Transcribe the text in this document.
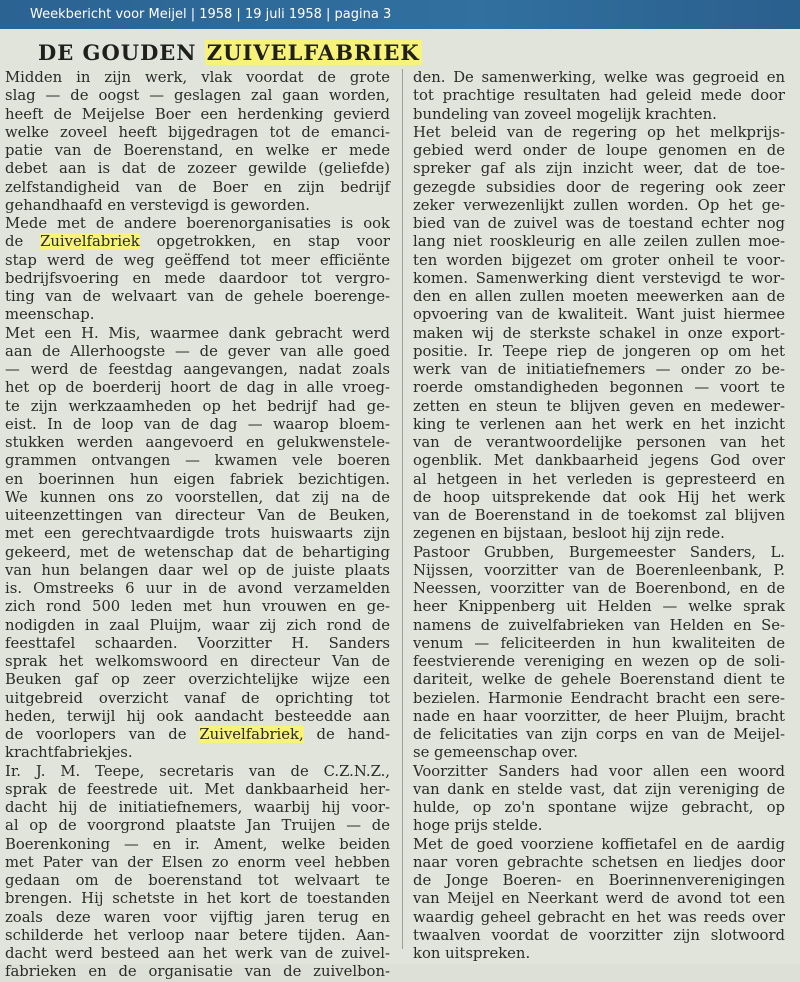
Weekbericht voor Meijel | 1958 | 19 juli 1958 | pagina 3
DE GOUDEN ZUIVELFABRIEK
Midden in zijn werk, vlak voordat de grote
slag — de oogst — geslagen zal gaan worden,
heeft de Meijelse Boer een herdenking gevierd
welke zoveel heeft bijgedragen tot de emanci-
patie van de Boerenstand, en welke er mede
debet aan is dat de zozeer gewilde (geliefde)
zelfstandigheid van de Boer en zijn bedrijf
gehandhaafd en verstevigd is geworden.
Mede met de andere boerenorganisaties is ook
de Zuivelfabriek opgetrokken, en stap voor
stap werd de weg geëffend tot meer efficiënte
bedrijfsvoering en mede daardoor tot vergro-
ting van de welvaart van de gehele boerenge-
meenschap.
Met een H. Mis, waarmee dank gebracht werd
aan de Allerhoogste — de gever van alle goed
— werd de feestdag aangevangen, nadat zoals
het op de boerderij hoort de dag in alle vroeg-
te zijn werkzaamheden op het bedrijf had ge-
eist. In de loop van de dag — waarop bloem-
stukken werden aangevoerd en gelukwenstele-
grammen ontvangen — kwamen vele boeren
en boerinnen hun eigen fabriek bezichtigen.
We kunnen ons zo voorstellen, dat zij na de
uiteenzettingen van directeur Van de Beuken,
met een gerechtvaardigde trots huiswaarts zijn
gekeerd, met de wetenschap dat de behartiging
van hun belangen daar wel op de juiste plaats
is. Omstreeks 6 uur in de avond verzamelden
zich rond 500 leden met hun vrouwen en ge-
nodigden in zaal Pluijm, waar zij zich rond de
feesttafel schaarden. Voorzitter H. Sanders
sprak het welkomswoord en directeur Van de
Beuken gaf op zeer overzichtelijke wijze een
uitgebreid overzicht vanaf de oprichting tot
heden, terwijl hij ook aandacht besteedde aan
de voorlopers van de Zuivelfabriek, de hand-
krachtfabriekjes.
Ir. J. M. Teepe, secretaris van de C.Z.N.Z.,
sprak de feestrede uit. Met dankbaarheid her-
dacht hij de initiatiefnemers, waarbij hij voor-
al op de voorgrond plaatste Jan Truijen — de
Boerenkoning — en ir. Ament, welke beiden
met Pater van der Elsen zo enorm veel hebben
gedaan om de boerenstand tot welvaart te
brengen. Hij schetste in het kort de toestanden
zoals deze waren voor vijftig jaren terug en
schilderde het verloop naar betere tijden. Aan-
dacht werd besteed aan het werk van de zuivel-
fabrieken en de organisatie van de zuivelbon-
den. De samenwerking, welke was gegroeid en
tot prachtige resultaten had geleid mede door
bundeling van zoveel mogelijk krachten.
Het beleid van de regering op het melkprijs-
gebied werd onder de loupe genomen en de
spreker gaf als zijn inzicht weer, dat de toe-
gezegde subsidies door de regering ook zeer
zeker verwezenlijkt zullen worden. Op het ge-
bied van de zuivel was de toestand echter nog
lang niet rooskleurig en alle zeilen zullen moe-
ten worden bijgezet om groter onheil te voor-
komen. Samenwerking dient verstevigd te wor-
den en allen zullen moeten meewerken aan de
opvoering van de kwaliteit. Want juist hiermee
maken wij de sterkste schakel in onze export-
positie. Ir. Teepe riep de jongeren op om het
werk van de initiatiefnemers — onder zo be-
roerde omstandigheden begonnen — voort te
zetten en steun te blijven geven en medewer-
king te verlenen aan het werk en het inzicht
van de verantwoordelijke personen van het
ogenblik. Met dankbaarheid jegens God over
al hetgeen in het verleden is gepresteerd en
de hoop uitsprekende dat ook Hij het werk
van de Boerenstand in de toekomst zal blijven
zegenen en bijstaan, besloot hij zijn rede.
Pastoor Grubben, Burgemeester Sanders, L.
Nijssen, voorzitter van de Boerenleenbank, P.
Neessen, voorzitter van de Boerenbond, en de
heer Knippenberg uit Helden — welke sprak
namens de zuivelfabrieken van Helden en Se-
venum — feliciteerden in hun kwaliteiten de
feestvierende vereniging en wezen op de soli-
dariteit, welke de gehele Boerenstand dient te
bezielen. Harmonie Eendracht bracht een sere-
nade en haar voorzitter, de heer Pluijm, bracht
de felicitaties van zijn corps en van de Meijel-
se gemeenschap over.
Voorzitter Sanders had voor allen een woord
van dank en stelde vast, dat zijn vereniging de
hulde, op zo'n spontane wijze gebracht, op
hoge prijs stelde.
Met de goed voorziene koffietafel en de aardig
naar voren gebrachte schetsen en liedjes door
de Jonge Boeren- en Boerinnenverenigingen
van Meijel en Neerkant werd de avond tot een
waardig geheel gebracht en het was reeds over
twaalven voordat de voorzitter zijn slotwoord
kon uitspreken.
